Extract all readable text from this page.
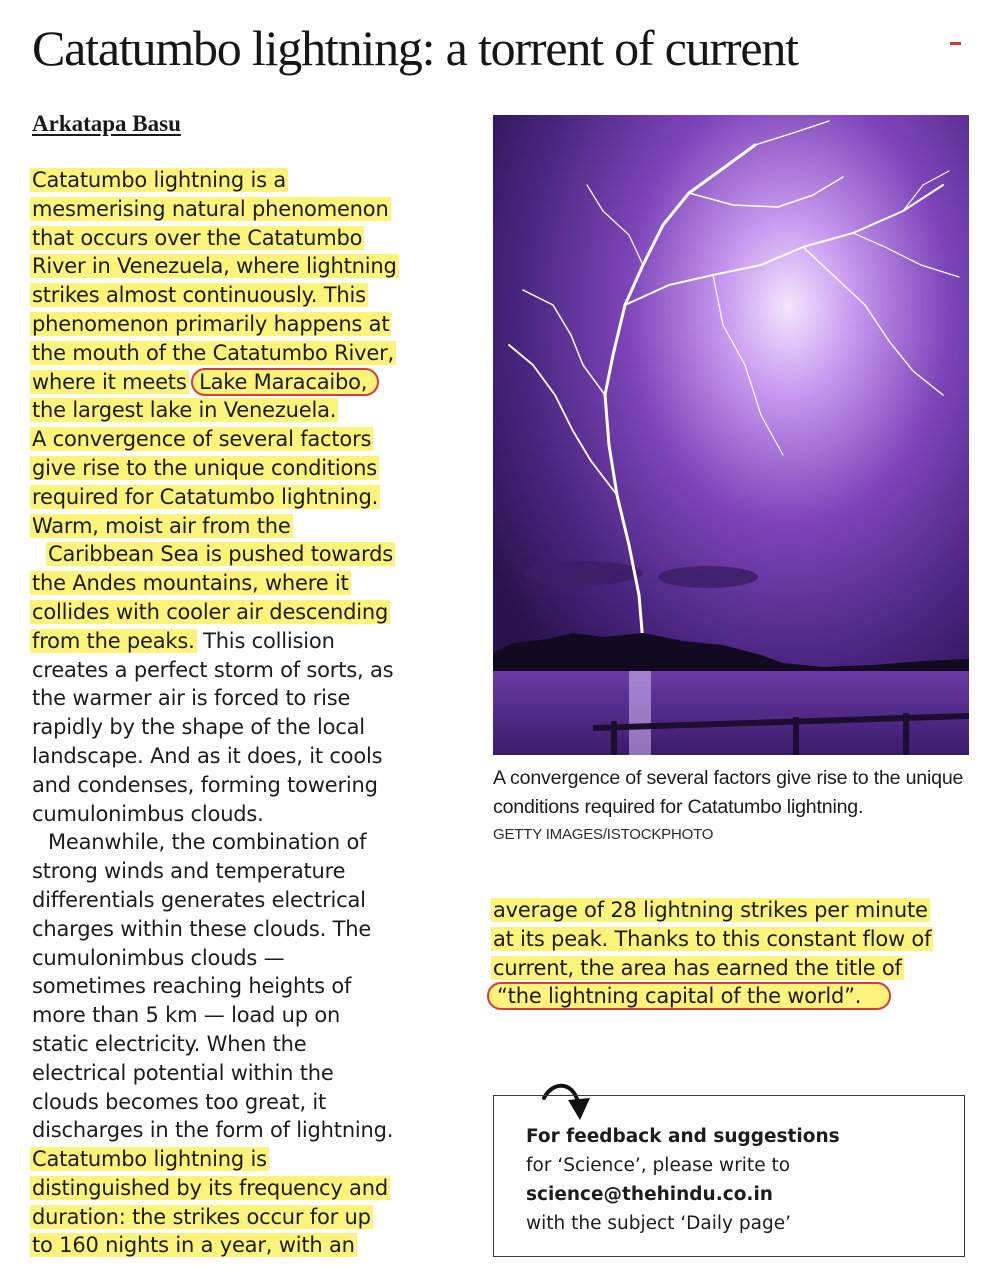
Catatumbo lightning: a torrent of current
Arkatapa Basu
Catatumbo lightning is a
mesmerising natural phenomenon
that occurs over the Catatumbo
River in Venezuela, where lightning
strikes almost continuously. This
phenomenon primarily happens at
the mouth of the Catatumbo River,
where it meets Lake Maracaibo,
the largest lake in Venezuela.
A convergence of several factors
give rise to the unique conditions
required for Catatumbo lightning.
Warm, moist air from the
Caribbean Sea is pushed towards
the Andes mountains, where it
collides with cooler air descending
from the peaks. This collision
creates a perfect storm of sorts, as
the warmer air is forced to rise
rapidly by the shape of the local
landscape. And as it does, it cools
and condenses, forming towering
cumulonimbus clouds.
Meanwhile, the combination of
strong winds and temperature
differentials generates electrical
charges within these clouds. The
cumulonimbus clouds —
sometimes reaching heights of
more than 5 km — load up on
static electricity. When the
electrical potential within the
clouds becomes too great, it
discharges in the form of lightning.
Catatumbo lightning is
distinguished by its frequency and
duration: the strikes occur for up
to 160 nights in a year, with an
A convergence of several factors give rise to the unique conditions required for Catatumbo lightning.
GETTY IMAGES/ISTOCKPHOTO
average of 28 lightning strikes per minute
at its peak. Thanks to this constant flow of
current, the area has earned the title of
“the lightning capital of the world”.
For feedback and suggestions
for ‘Science’, please write to
science@thehindu.co.in
with the subject ‘Daily page’
